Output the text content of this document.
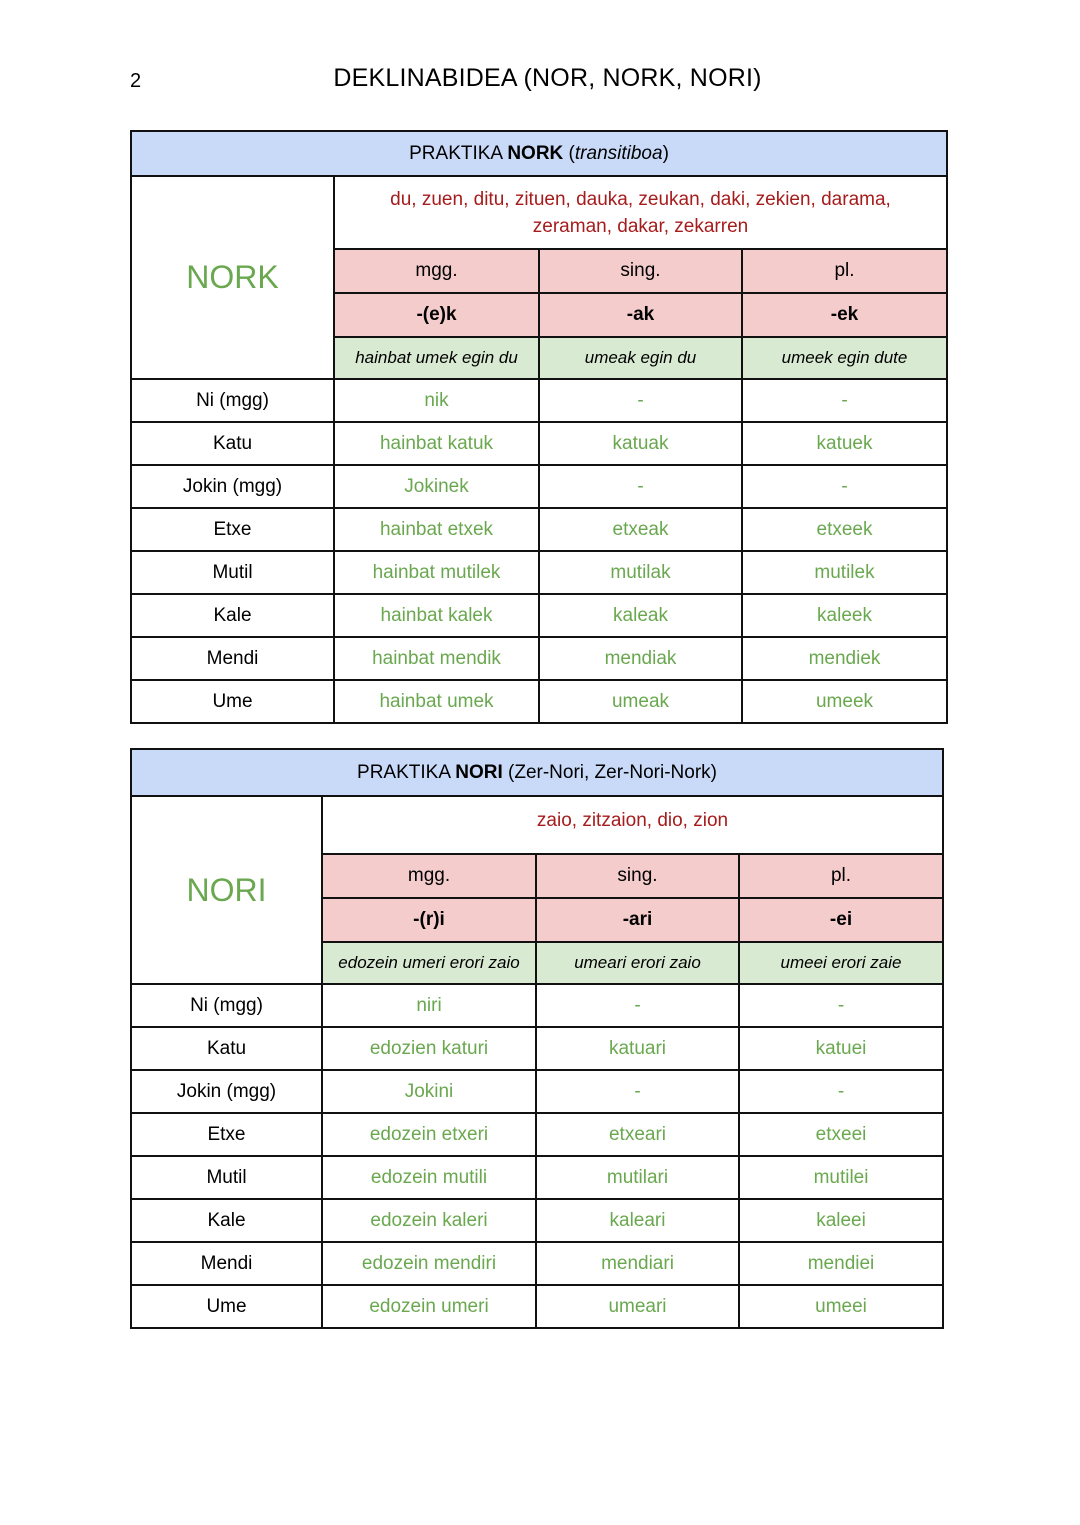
2	DEKLINABIDEA (NOR, NORK, NORI)
PRAKTIKA NORK (transitiboa)			
NORK	du, zuen, ditu, zituen, dauka, zeukan, daki, zekien, darama, zeraman, dakar, zekarren		
	mgg.	sing.	pl.
	-(e)k	-ak	-ek
	hainbat umek egin du	umeak egin du	umeek egin dute
Ni (mgg)	nik	-	-
Katu	hainbat katuk	katuak	katuek
Jokin (mgg)	Jokinek	-	-
Etxe	hainbat etxek	etxeak	etxeek
Mutil	hainbat mutilek	mutilak	mutilek
Kale	hainbat kalek	kaleak	kaleek
Mendi	hainbat mendik	mendiak	mendiek
Ume	hainbat umek	umeak	umeek
PRAKTIKA NORI (Zer-Nori, Zer-Nori-Nork)			
NORI	zaio, zitzaion, dio, zion		
	mgg.	sing.	pl.
	-(r)i	-ari	-ei
	edozein umeri erori zaio	umeari erori zaio	umeei erori zaie
Ni (mgg)	niri	-	-
Katu	edozien katuri	katuari	katuei
Jokin (mgg)	Jokini	-	-
Etxe	edozein etxeri	etxeari	etxeei
Mutil	edozein mutili	mutilari	mutilei
Kale	edozein kaleri	kaleari	kaleei
Mendi	edozein mendiri	mendiari	mendiei
Ume	edozein umeri	umeari	umeei
